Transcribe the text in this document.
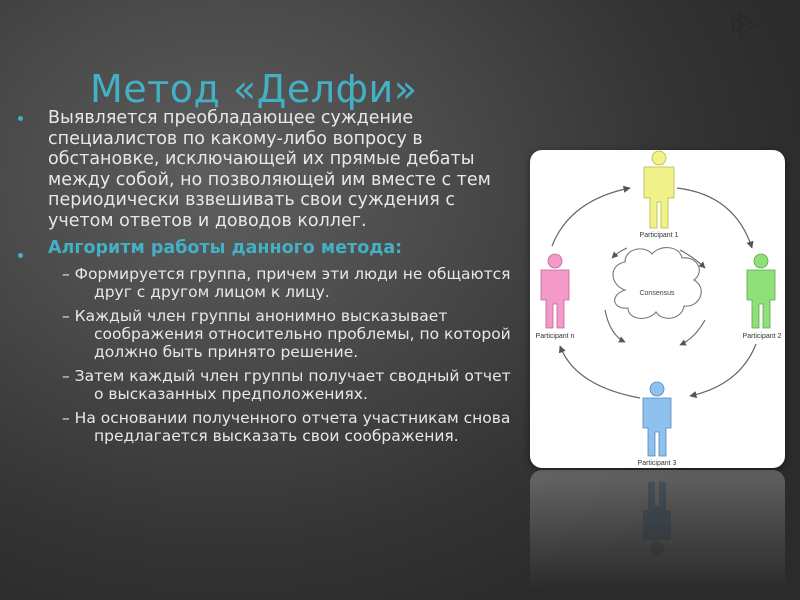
Метод «Делфи»

Выявляется преобладающее суждение специалистов по какому-либо вопросу в обстановке, исключающей их прямые дебаты между собой, но позволяющей им вместе с тем периодически взвешивать свои суждения с учетом ответов и доводов коллег.

Алгоритм работы данного метода:

– Формируется группа, причем эти люди не общаются друг с другом лицом к лицу.

– Каждый член группы анонимно высказывает соображения относительно проблемы, по которой должно быть принято решение.

– Затем каждый член группы получает сводный отчет о высказанных предположениях.

– На основании полученного отчета участникам снова предлагается высказать свои соображения.

Consensus
Participant 1
Participant 2
Participant n
Participant 3
